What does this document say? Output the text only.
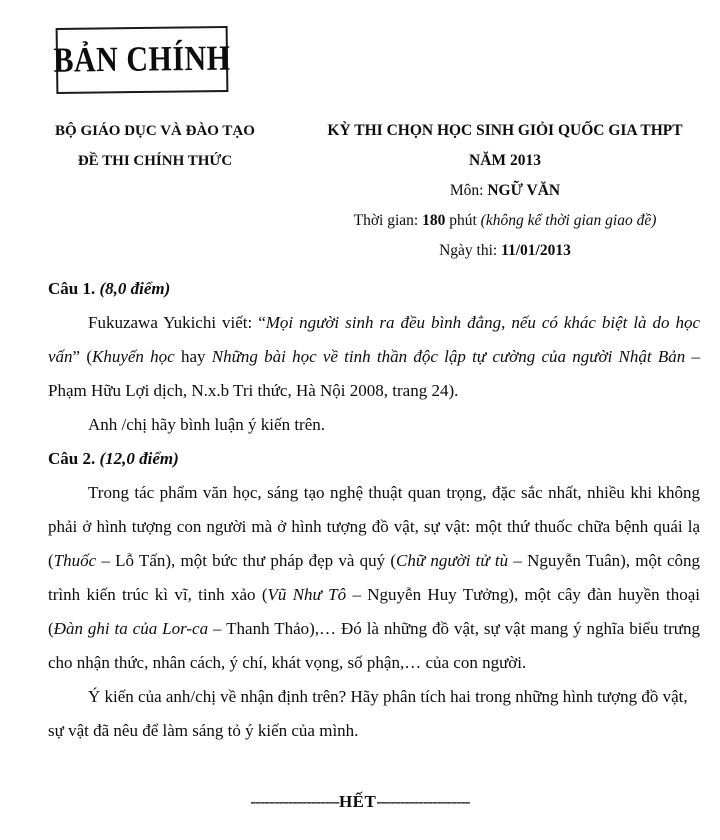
BẢN CHÍNH
BỘ GIÁO DỤC VÀ ĐÀO TẠO
ĐỀ THI CHÍNH THỨC
KỲ THI CHỌN HỌC SINH GIỎI QUỐC GIA THPT
NĂM 2013
Môn: NGỮ VĂN
Thời gian: 180 phút (không kể thời gian giao đề)
Ngày thi: 11/01/2013
Câu 1. (8,0 điểm)

Fukuzawa Yukichi viết: “Mọi người sinh ra đều bình đẳng, nếu có khác biệt là do học vấn” (Khuyến học hay Những bài học về tinh thần độc lập tự cường của người Nhật Bản – Phạm Hữu Lợi dịch, N.x.b Tri thức, Hà Nội 2008, trang 24).

Anh /chị hãy bình luận ý kiến trên.

Câu 2. (12,0 điểm)

Trong tác phẩm văn học, sáng tạo nghệ thuật quan trọng, đặc sắc nhất, nhiều khi không phải ở hình tượng con người mà ở hình tượng đồ vật, sự vật: một thứ thuốc chữa bệnh quái lạ (Thuốc – Lỗ Tấn), một bức thư pháp đẹp và quý (Chữ người tử tù – Nguyễn Tuân), một công trình kiến trúc kì vĩ, tinh xảo (Vũ Như Tô – Nguyễn Huy Tưởng), một cây đàn huyền thoại (Đàn ghi ta của Lor-ca – Thanh Thảo),… Đó là những đồ vật, sự vật mang ý nghĩa biểu trưng cho nhận thức, nhân cách, ý chí, khát vọng, số phận,… của con người.

Ý kiến của anh/chị về nhận định trên? Hãy phân tích hai trong những hình tượng đồ vật, sự vật đã nêu để làm sáng tỏ ý kiến của mình.

-------------------HẾT--------------------
